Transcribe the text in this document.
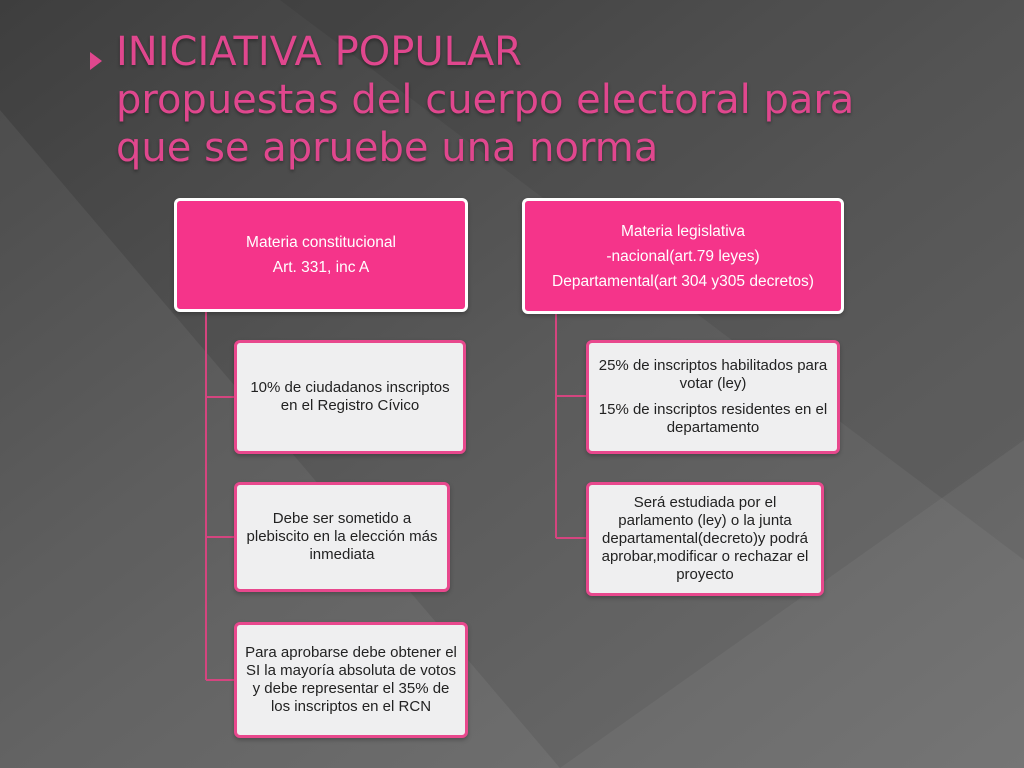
INICIATIVA POPULAR
propuestas del cuerpo electoral para
que se apruebe una norma
Materia constitucional
Art. 331, inc A
10% de ciudadanos inscriptos en el Registro Cívico
Debe ser sometido a plebiscito en la elección más inmediata
Para aprobarse debe obtener el SI la mayoría absoluta de votos y debe representar el 35% de los inscriptos en el RCN
Materia legislativa
-nacional(art.79 leyes)
Departamental(art 304 y305 decretos)
25% de inscriptos habilitados para votar (ley)
15% de inscriptos residentes en el departamento
Será estudiada por el parlamento (ley) o la junta departamental(decreto)y podrá aprobar,modificar o rechazar el proyecto
